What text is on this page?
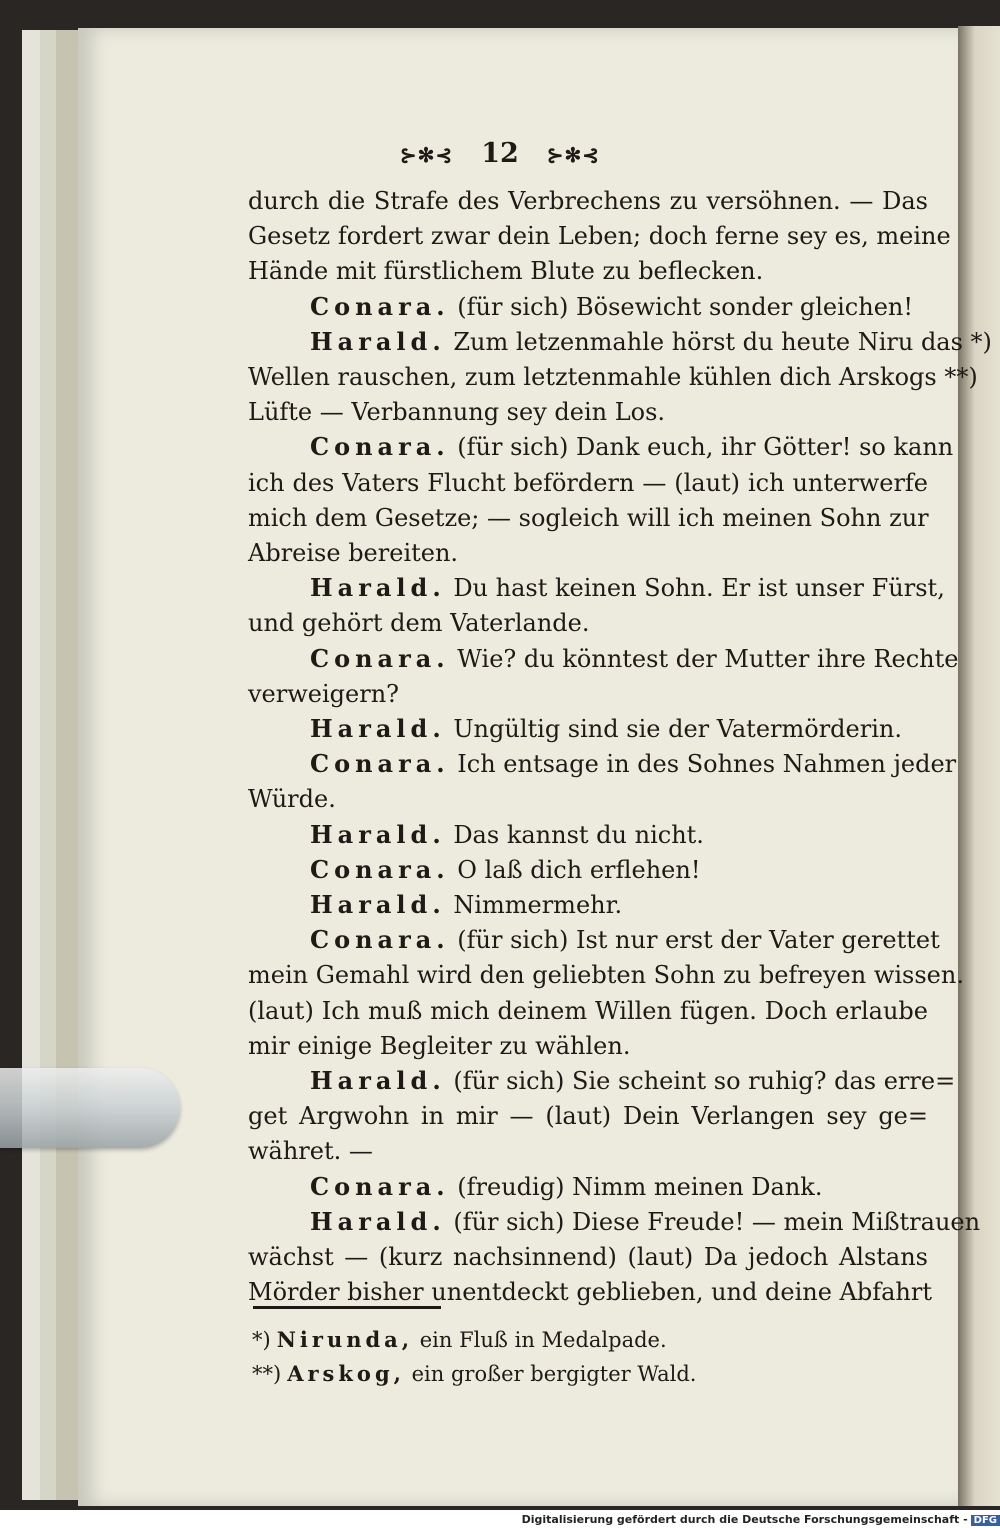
⊱✻⊰ 12 ⊱✻⊰
durch die Strafe des Verbrechens zu versöhnen. — Das
Gesetz fordert zwar dein Leben; doch ferne sey es, meine
Hände mit fürstlichem Blute zu beflecken.
Conara. (für sich) Bösewicht sonder gleichen!
Harald. Zum letzenmahle hörst du heute Niru das *)
Wellen rauschen, zum letztenmahle kühlen dich Arskogs **)
Lüfte — Verbannung sey dein Los.
Conara. (für sich) Dank euch, ihr Götter! so kann
ich des Vaters Flucht befördern — (laut) ich unterwerfe
mich dem Gesetze; — sogleich will ich meinen Sohn zur
Abreise bereiten.
Harald. Du hast keinen Sohn. Er ist unser Fürst,
und gehört dem Vaterlande.
Conara. Wie? du könntest der Mutter ihre Rechte
verweigern?
Harald. Ungültig sind sie der Vatermörderin.
Conara. Ich entsage in des Sohnes Nahmen jeder
Würde.
Harald. Das kannst du nicht.
Conara. O laß dich erflehen!
Harald. Nimmermehr.
Conara. (für sich) Ist nur erst der Vater gerettet
mein Gemahl wird den geliebten Sohn zu befreyen wissen.
(laut) Ich muß mich deinem Willen fügen. Doch erlaube
mir einige Begleiter zu wählen.
Harald. (für sich) Sie scheint so ruhig? das erre=
get Argwohn in mir — (laut) Dein Verlangen sey ge=
währet. —
Conara. (freudig) Nimm meinen Dank.
Harald. (für sich) Diese Freude! — mein Mißtrauen
wächst — (kurz nachsinnend) (laut) Da jedoch Alstans
Mörder bisher unentdeckt geblieben, und deine Abfahrt
*) Nirunda, ein Fluß in Medalpade.
**) Arskog, ein großer bergigter Wald.
Digitalisierung gefördert durch die Deutsche Forschungsgemeinschaft - DFG
